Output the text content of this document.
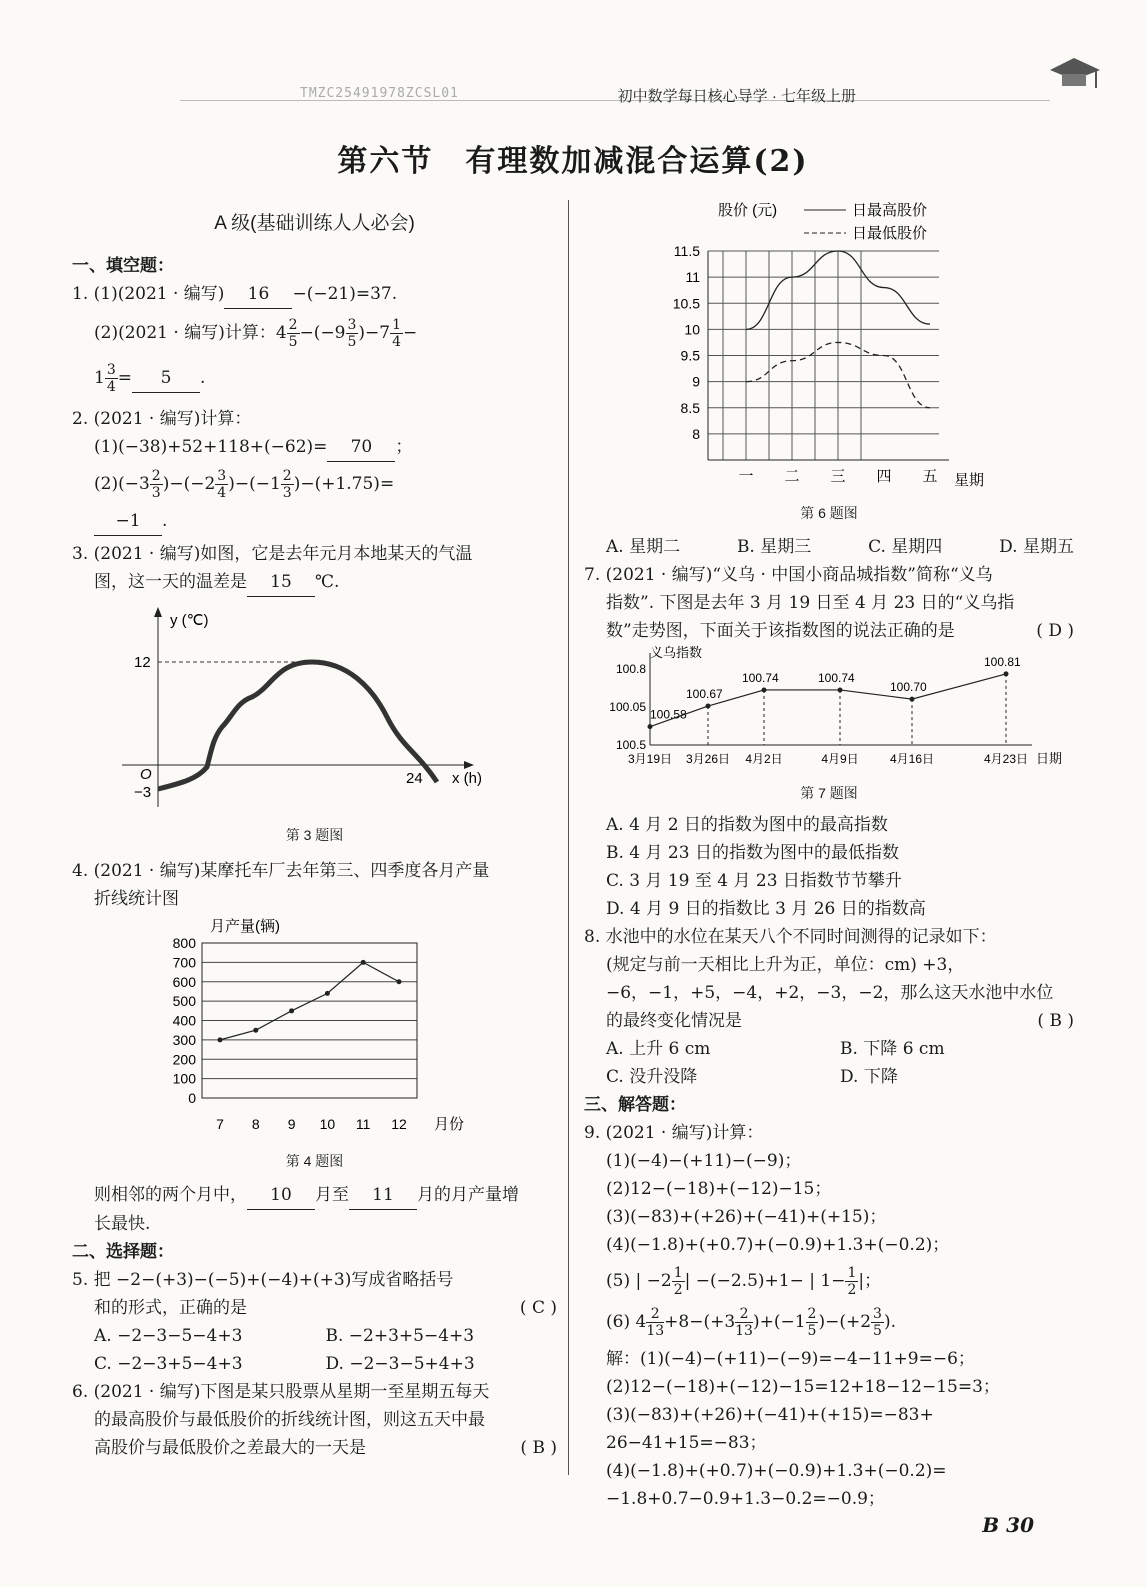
TMZC25491978ZCSL01	初中数学每日核心导学 · 七年级上册
第六节　有理数加减混合运算(2)

A 级(基础训练人人必会)

一、填空题：

1. (1)(2021 · 编写) 16 −(−21)=37.

(2)(2021 · 编写)计算：$4 \frac{2}{5} -(-9 \frac{3}{5} )-7 \frac{1}{4}$ −

$1 \frac{3}{4} = 5$ .

2. (2021 · 编写)计算：

(1)(−38)+52+118+(−62)= 70 ；

$(2)(-3 \frac{2}{3} )-(-2 \frac{3}{4} )-(-1 \frac{2}{3} )-(+1.75)=$

−1 .

3. (2021 · 编写)如图，它是去年元月本地某天的气温

图，这一天的温差是 15 ℃.

y (℃)
12
O
−3
24 x (h)

第 3 题图

4. (2021 · 编写)某摩托车厂去年第三、四季度各月产量

折线统计图

月产量(辆)
月份
0
100
200
300
400
500
600
700
800
7 8 9 10 11 12

第 4 题图

则相邻的两个月中， 10 月至 11 月的月产量增

长最快.

二、选择题：

5. 把 −2−(+3)−(−5)+(−4)+(+3)写成省略括号

和的形式，正确的是	( C )

A. −2−3−5−4+3	B. −2+3+5−4+3
C. −2−3+5−4+3	D. −2−3−5+4+3

6. (2021 · 编写)下图是某只股票从星期一至星期五每天

的最高股价与最低股价的折线统计图，则这五天中最

高股价与最低股价之差最大的一天是	( B )

股价 (元)	日最高股价
日最低股价
星期
8
8.5
9
9.5
10
10.5
11
11.5
一 二 三 四 五

第 6 题图

A. 星期二	B. 星期三	C. 星期四	D. 星期五

7. (2021 · 编写)“义乌 · 中国小商品城指数”简称“义乌

指数”. 下图是去年 3 月 19 日至 4 月 23 日的“义乌指

数”走势图，下面关于该指数图的说法正确的是	( D )

义乌指数
日期
100.5
100.05
100.8
3月19日
100.58
3月26日
100.67
4月2日
100.74
4月9日
100.74
4月16日
100.70
4月23日
100.81

第 7 题图

A. 4 月 2 日的指数为图中的最高指数

B. 4 月 23 日的指数为图中的最低指数

C. 3 月 19 至 4 月 23 日指数节节攀升

D. 4 月 9 日的指数比 3 月 26 日的指数高

8. 水池中的水位在某天八个不同时间测得的记录如下：

(规定与前一天相比上升为正，单位：cm) +3，

−6，−1，+5，−4，+2，−3，−2，那么这天水池中水位

的最终变化情况是	( B )

A. 上升 6 cm	B. 下降 6 cm
C. 没升没降	D. 下降

三、解答题：

9. (2021 · 编写)计算：

(1)(−4)−(+11)−(−9)；

(2)12−(−18)+(−12)−15；

(3)(−83)+(+26)+(−41)+(+15)；

(4)(−1.8)+(+0.7)+(−0.9)+1.3+(−0.2)；

(5) | $-2 \frac{1}{2}$ | −(−2.5)+1− | $1- \frac{1}{2}$ |；

(6) $4 \frac{2}{13} +8-(+3 \frac{2}{13} )+(-1 \frac{2}{5} )-(+2 \frac{3}{5}$ ).

解：(1)(−4)−(+11)−(−9)=−4−11+9=−6；

(2)12−(−18)+(−12)−15=12+18−12−15=3；

(3)(−83)+(+26)+(−41)+(+15)=−83+

26−41+15=−83；

(4)(−1.8)+(+0.7)+(−0.9)+1.3+(−0.2)=

−1.8+0.7−0.9+1.3−0.2=−0.9；

B 30
